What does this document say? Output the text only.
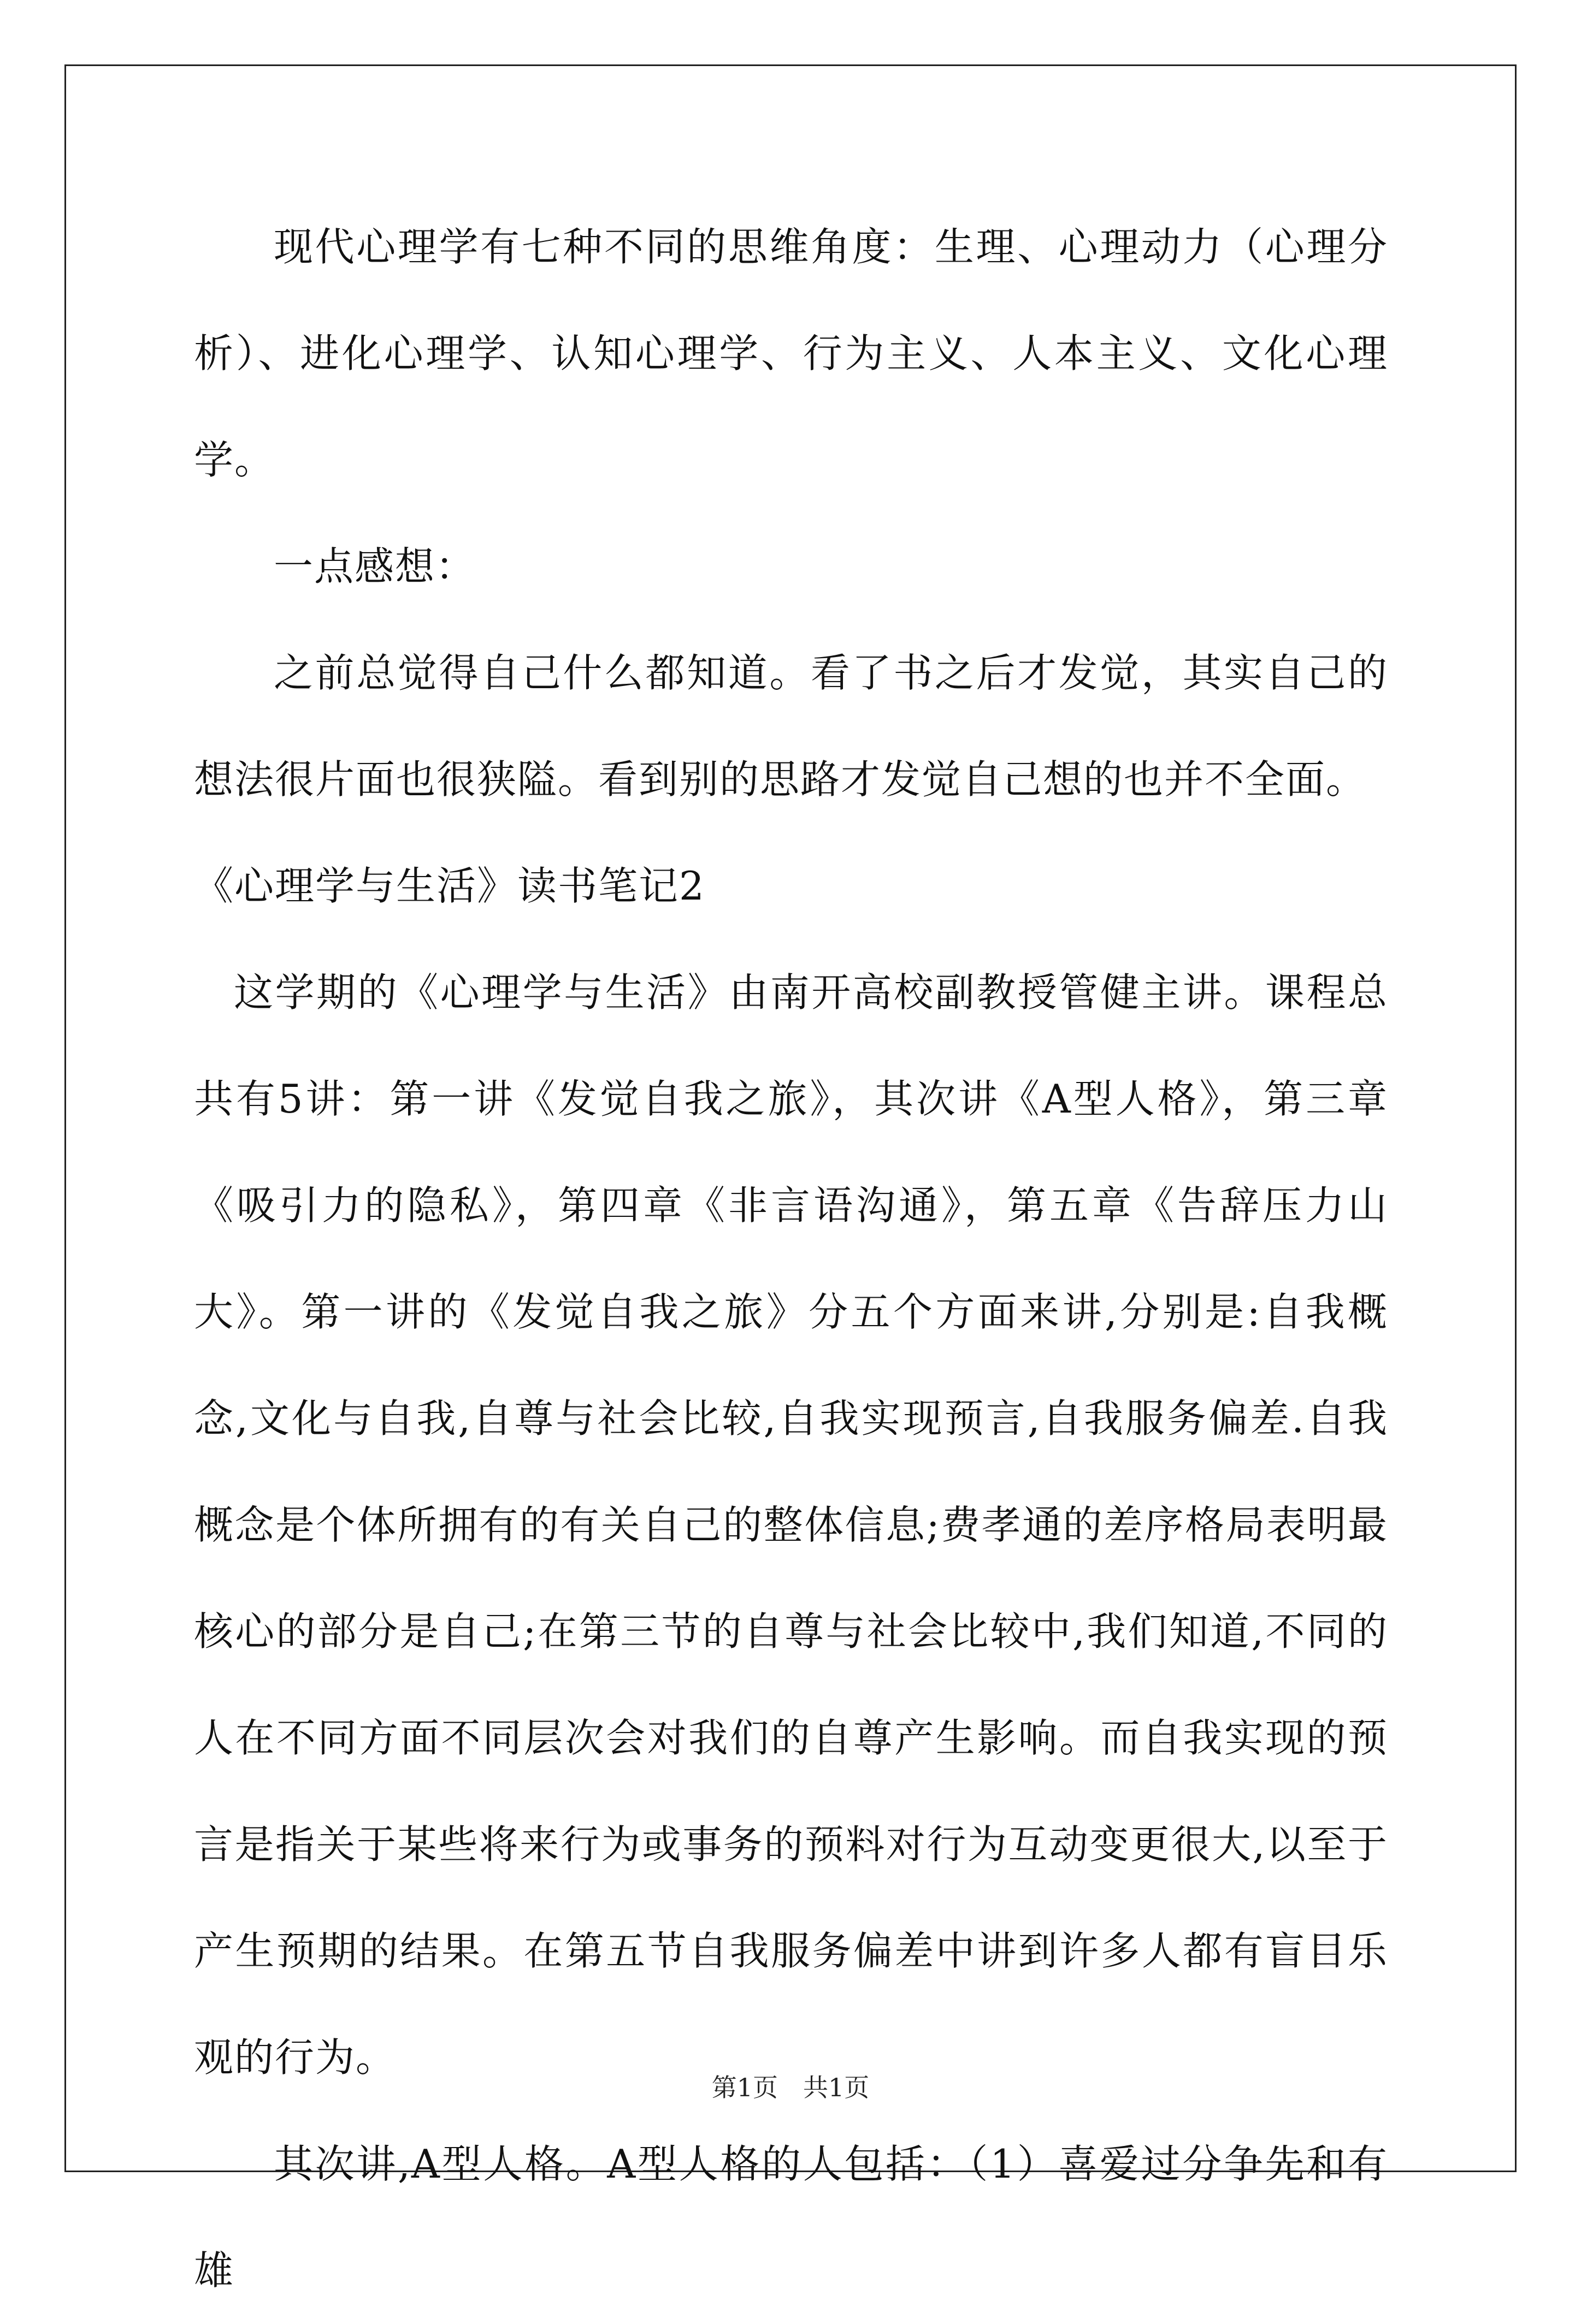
现代心理学有七种不同的思维角度：生理、心理动力（心理分析）、进化心理学、认知心理学、行为主义、人本主义、文化心理学。

一点感想：

之前总觉得自己什么都知道。看了书之后才发觉，其实自己的想法很片面也很狭隘。看到别的思路才发觉自己想的也并不全面。

《心理学与生活》读书笔记2

这学期的《心理学与生活》由南开高校副教授管健主讲。课程总共有5讲：第一讲《发觉自我之旅》，其次讲《A型人格》，第三章《吸引力的隐私》，第四章《非言语沟通》，第五章《告辞压力山大》。第一讲的《发觉自我之旅》分五个方面来讲,分别是:自我概念,文化与自我,自尊与社会比较,自我实现预言,自我服务偏差.自我概念是个体所拥有的有关自己的整体信息;费孝通的差序格局表明最核心的部分是自己;在第三节的自尊与社会比较中,我们知道,不同的人在不同方面不同层次会对我们的自尊产生影响。而自我实现的预言是指关于某些将来行为或事务的预料对行为互动变更很大,以至于产生预期的结果。在第五节自我服务偏差中讲到许多人都有盲目乐观的行为。

其次讲,A型人格。A型人格的人包括：（1）喜爱过分争先和有雄

第1页　共1页
